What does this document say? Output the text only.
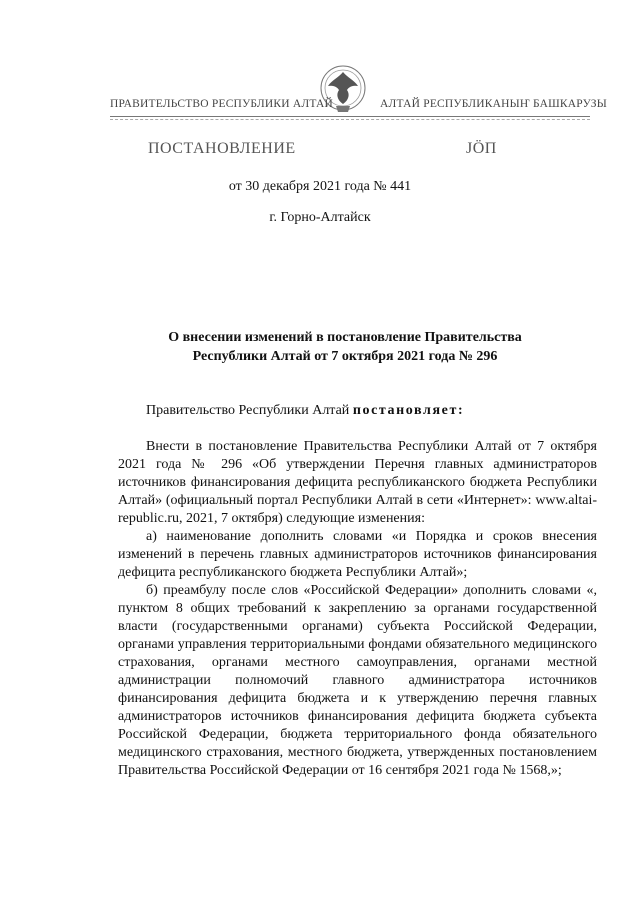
ПРАВИТЕЛЬСТВО РЕСПУБЛИКИ АЛТАЙ	АЛТАЙ РЕСПУБЛИКАНЫҤ БАШКАРУЗЫ
ПОСТАНОВЛЕНИЕ	ЈӦП
от 30 декабря 2021 года № 441
г. Горно-Алтайск
О внесении изменений в постановление Правительства
Республики Алтай от 7 октября 2021 года № 296

Правительство Республики Алтай постановляет:

Внести в постановление Правительства Республики Алтай от 7 октября 2021 года № 296 «Об утверждении Перечня главных администраторов источников финансирования дефицита республиканского бюджета Республики Алтай» (официальный портал Республики Алтай в сети «Интернет»: www.altai-republic.ru, 2021, 7 октября) следующие изменения:

а) наименование дополнить словами «и Порядка и сроков внесения изменений в перечень главных администраторов источников финансирования дефицита республиканского бюджета Республики Алтай»;

б) преамбулу после слов «Российской Федерации» дополнить словами «, пунктом 8 общих требований к закреплению за органами государственной власти (государственными органами) субъекта Российской Федерации, органами управления территориальными фондами обязательного медицинского страхования, органами местного самоуправления, органами местной администрации полномочий главного администратора источников финансирования дефицита бюджета и к утверждению перечня главных администраторов источников финансирования дефицита бюджета субъекта Российской Федерации, бюджета территориального фонда обязательного медицинского страхования, местного бюджета, утвержденных постановлением Правительства Российской Федерации от 16 сентября 2021 года № 1568,»;
